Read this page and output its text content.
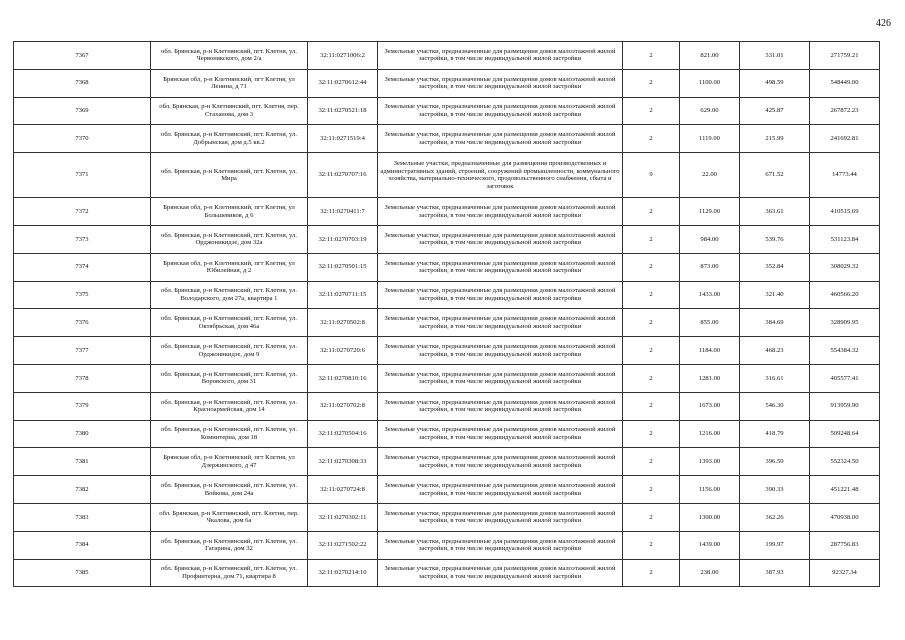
426
7367	обл. Брянская, р-н Клетнянский, пгт. Клетня, ул. Червонякского, дом 2/а	32:11:0271006:2	Земельные участки, предназначенные для размещения домов малоэтажной жилой застройки, в том числе индивидуальной жилой застройки	2	821.00	331.01	271759.21
7368	Брянская обл, р-н Клетнянский, пгт Клетня, ул Ленина, д 71	32:11:0270612:44	Земельные участки, предназначенные для размещения домов малоэтажной жилой застройки, в том числе индивидуальной жилой застройки	2	1100.00	498.59	548449.00
7369	обл. Брянская, р-н Клетнянский, пгт. Клетня, пер. Стаханова, дом 3	32:11:0270521:18	Земельные участки, предназначенные для размещения домов малоэтажной жилой застройки, в том числе индивидуальной жилой застройки	2	629.00	425.87	267872.23
7370	обл. Брянская, р-н Клетнянский, пгт. Клетня, ул. Добрынская, дом д.5 кв.2	32:11:0271519:4	Земельные участки, предназначенные для размещения домов малоэтажной жилой застройки, в том числе индивидуальной жилой застройки	2	1119.00	215.99	241692.81
7371	обл. Брянская, р-н Клетнянский, пгт. Клетня, ул. Мира	32:11:0270707:16	Земельные участки, предназначенные для размещения производственных и административных зданий, строений, сооружений промышленности, коммунального хозяйства, материально-технического, продовольственного снабжения, сбыта и заготовок	9	22.00	671.52	14773.44
7372	Брянская обл, р-н Клетнянский, пгт Клетня, ул Большевиков, д 6	32:11:0270411:7	Земельные участки, предназначенные для размещения домов малоэтажной жилой застройки, в том числе индивидуальной жилой застройки	2	1129.00	363.61	410515.69
7373	обл. Брянская, р-н Клетнянский, пгт. Клетня, ул. Орджоникидзе, дом 32а	32:11:0270703:19	Земельные участки, предназначенные для размещения домов малоэтажной жилой застройки, в том числе индивидуальной жилой застройки	2	984.00	539.76	531123.84
7374	Брянская обл, р-н Клетнянский, пгт Клетня, ул Юбилейная, д 2	32:11:0270501:15	Земельные участки, предназначенные для размещения домов малоэтажной жилой застройки, в том числе индивидуальной жилой застройки	2	873.00	352.84	308029.32
7375	обл. Брянская, р-н Клетнянский, пгт. Клетня, ул. Володарского, дом 27а, квартира 1	32:11:0270711:15	Земельные участки, предназначенные для размещения домов малоэтажной жилой застройки, в том числе индивидуальной жилой застройки	2	1433.00	321.40	460566.20
7376	обл. Брянская, р-н Клетнянский, пгт. Клетня, ул. Октябрьская, дом 46а	32:11:0270502:8	Земельные участки, предназначенные для размещения домов малоэтажной жилой застройки, в том числе индивидуальной жилой застройки	2	855.00	384.69	328909.95
7377	обл. Брянская, р-н Клетнянский, пгт. Клетня, ул. Орджоникидзе, дом 9	32:11:0270720:6	Земельные участки, предназначенные для размещения домов малоэтажной жилой застройки, в том числе индивидуальной жилой застройки	2	1184.00	468.23	554384.32
7378	обл. Брянская, р-н Клетнянский, пгт. Клетня, ул. Воровского, дом 31	32:11:0270810:16	Земельные участки, предназначенные для размещения домов малоэтажной жилой застройки, в том числе индивидуальной жилой застройки	2	1281.00	316.61	405577.41
7379	обл. Брянская, р-н Клетнянский, пгт. Клетня, ул. Красноармейская, дом 14	32:11:0270702:8	Земельные участки, предназначенные для размещения домов малоэтажной жилой застройки, в том числе индивидуальной жилой застройки	2	1673.00	546.30	913959.90
7380	обл. Брянская, р-н Клетнянский, пгт. Клетня, ул. Коминтерна, дом 18	32:11:0270504:16	Земельные участки, предназначенные для размещения домов малоэтажной жилой застройки, в том числе индивидуальной жилой застройки	2	1216.00	418.79	509248.64
7381	Брянская обл, р-н Клетнянский, пгт Клетня, ул Дзержинского, д 47	32:11:0270308:33	Земельные участки, предназначенные для размещения домов малоэтажной жилой застройки, в том числе индивидуальной жилой застройки	2	1393.00	396.50	552324.50
7382	обл. Брянская, р-н Клетнянский, пгт. Клетня, ул. Войкова, дом 24а	32:11:0270724:8	Земельные участки, предназначенные для размещения домов малоэтажной жилой застройки, в том числе индивидуальной жилой застройки	2	1156.00	390.33	451221.48
7383	обл. Брянская, р-н Клетнянский, пгт. Клетня, пер. Чкалова, дом 6а	32:11:0270302:11	Земельные участки, предназначенные для размещения домов малоэтажной жилой застройки, в том числе индивидуальной жилой застройки	2	1300.00	362.26	470938.00
7384	обл. Брянская, р-н Клетнянский, пгт. Клетня, ул. Гагарина, дом 32	32:11:0271502:22	Земельные участки, предназначенные для размещения домов малоэтажной жилой застройки, в том числе индивидуальной жилой застройки	2	1439.00	199.97	287756.83
7385	обл. Брянская, р-н Клетнянский, пгт. Клетня, ул. Профинтерна, дом 71, квартира 8	32:11:0270214:10	Земельные участки, предназначенные для размещения домов малоэтажной жилой застройки, в том числе индивидуальной жилой застройки	2	238.00	387.93	92327.34
